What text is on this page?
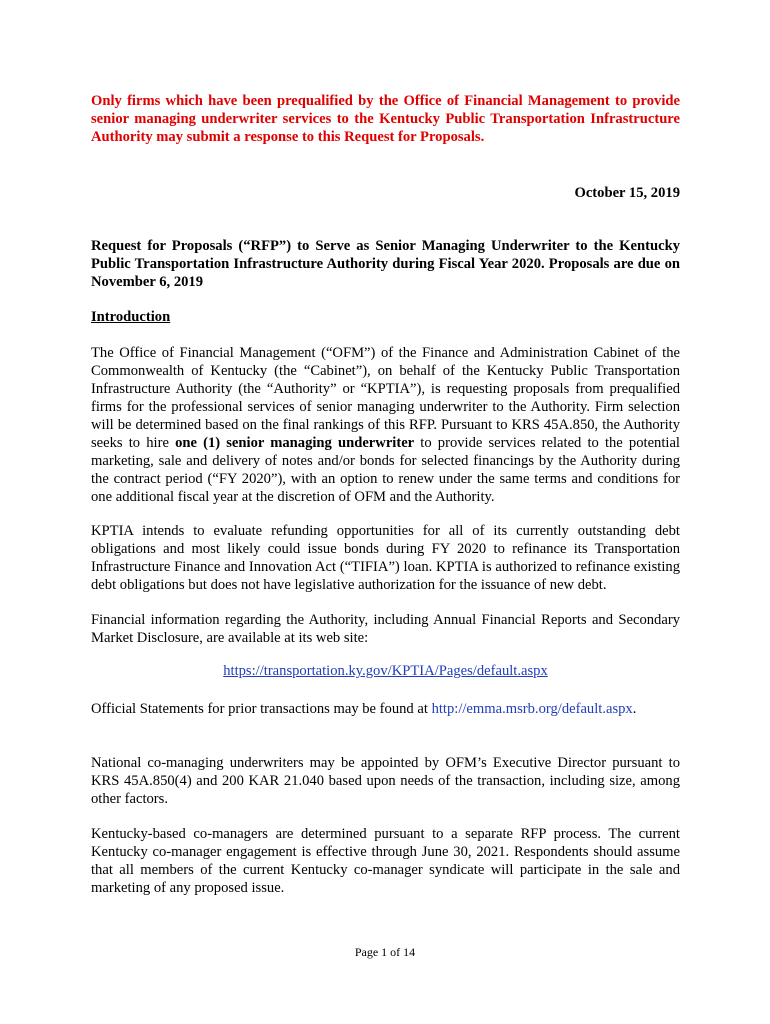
Only firms which have been prequalified by the Office of Financial Management to provide senior managing underwriter services to the Kentucky Public Transportation Infrastructure Authority may submit a response to this Request for Proposals.

October 15, 2019

Request for Proposals (“RFP”) to Serve as Senior Managing Underwriter to the Kentucky Public Transportation Infrastructure Authority during Fiscal Year 2020. Proposals are due on November 6, 2019

Introduction

The Office of Financial Management (“OFM”) of the Finance and Administration Cabinet of the Commonwealth of Kentucky (the “Cabinet”), on behalf of the Kentucky Public Transportation Infrastructure Authority (the “Authority” or “KPTIA”), is requesting proposals from prequalified firms for the professional services of senior managing underwriter to the Authority. Firm selection will be determined based on the final rankings of this RFP. Pursuant to KRS 45A.850, the Authority seeks to hire one (1) senior managing underwriter to provide services related to the potential marketing, sale and delivery of notes and/or bonds for selected financings by the Authority during the contract period (“FY 2020”), with an option to renew under the same terms and conditions for one additional fiscal year at the discretion of OFM and the Authority.

KPTIA intends to evaluate refunding opportunities for all of its currently outstanding debt obligations and most likely could issue bonds during FY 2020 to refinance its Transportation Infrastructure Finance and Innovation Act (“TIFIA”) loan. KPTIA is authorized to refinance existing debt obligations but does not have legislative authorization for the issuance of new debt.

Financial information regarding the Authority, including Annual Financial Reports and Secondary Market Disclosure, are available at its web site:

https://transportation.ky.gov/KPTIA/Pages/default.aspx

Official Statements for prior transactions may be found at http://emma.msrb.org/default.aspx.

National co-managing underwriters may be appointed by OFM’s Executive Director pursuant to KRS 45A.850(4) and 200 KAR 21.040 based upon needs of the transaction, including size, among other factors.

Kentucky-based co-managers are determined pursuant to a separate RFP process. The current Kentucky co-manager engagement is effective through June 30, 2021. Respondents should assume that all members of the current Kentucky co-manager syndicate will participate in the sale and marketing of any proposed issue.

Page 1 of 14
